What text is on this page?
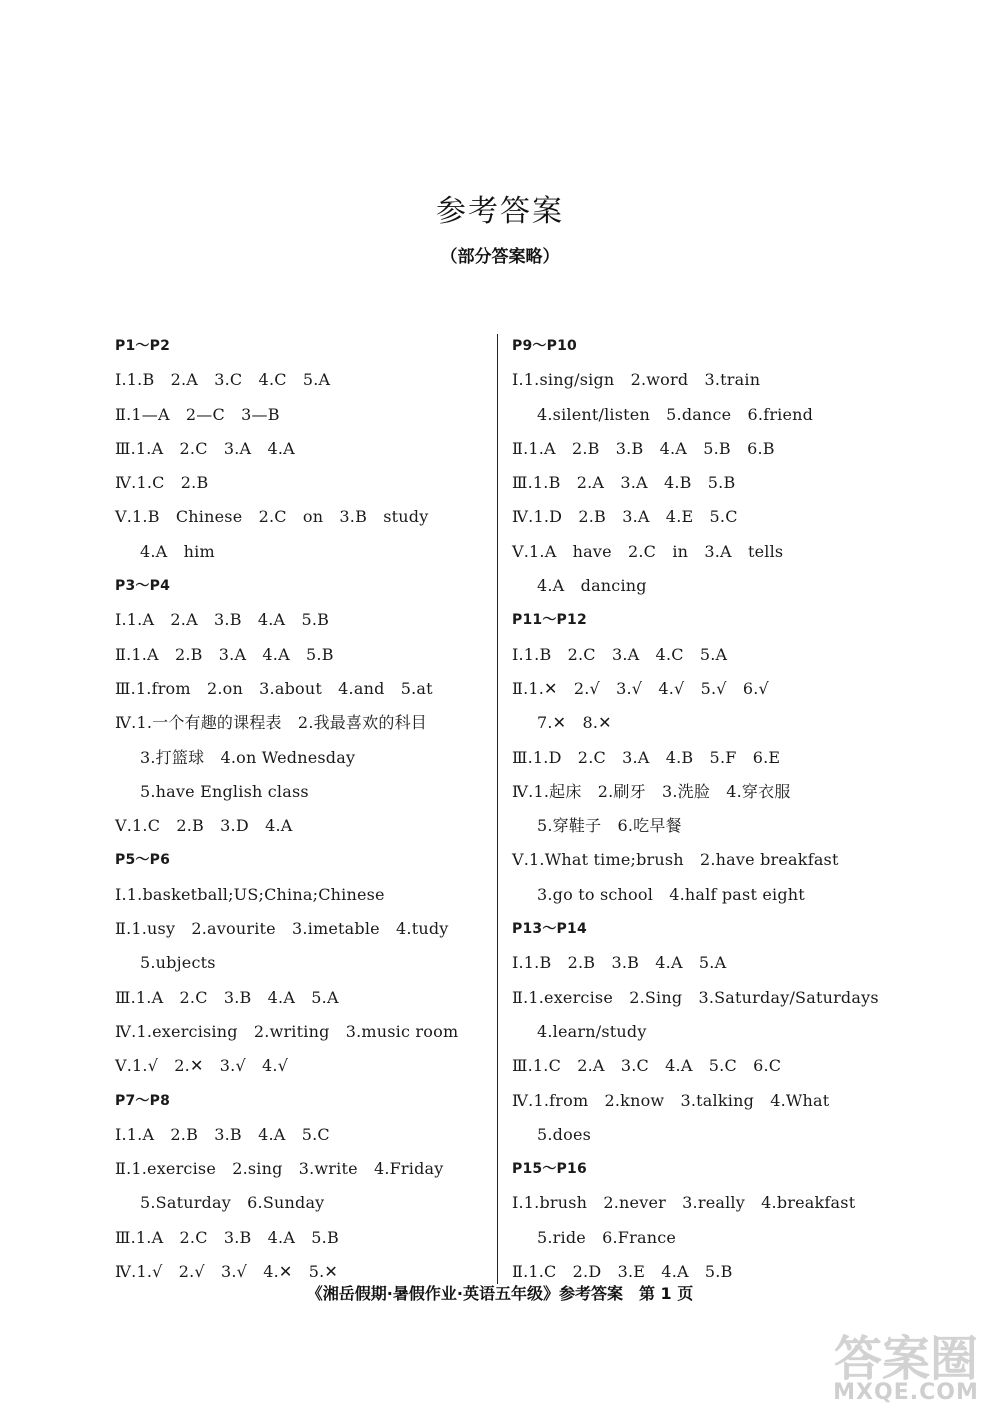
参考答案
（部分答案略）
P1～P2
Ⅰ.1.B　2.A　3.C　4.C　5.A
Ⅱ.1—A　2—C　3—B
Ⅲ.1.A　2.C　3.A　4.A
Ⅳ.1.C　2.B
Ⅴ.1.B　Chinese　2.C　on　3.B　study
4.A　him
P3～P4
Ⅰ.1.A　2.A　3.B　4.A　5.B
Ⅱ.1.A　2.B　3.A　4.A　5.B
Ⅲ.1.from　2.on　3.about　4.and　5.at
Ⅳ.1.一个有趣的课程表　2.我最喜欢的科目
3.打篮球　4.on Wednesday
5.have English class
Ⅴ.1.C　2.B　3.D　4.A
P5～P6
Ⅰ.1.basketball;US;China;Chinese
Ⅱ.1.usy　2.avourite　3.imetable　4.tudy
5.ubjects
Ⅲ.1.A　2.C　3.B　4.A　5.A
Ⅳ.1.exercising　2.writing　3.music room
Ⅴ.1.√　2.✕　3.√　4.√
P7～P8
Ⅰ.1.A　2.B　3.B　4.A　5.C
Ⅱ.1.exercise　2.sing　3.write　4.Friday
5.Saturday　6.Sunday
Ⅲ.1.A　2.C　3.B　4.A　5.B
Ⅳ.1.√　2.√　3.√　4.✕　5.✕
P9～P10
Ⅰ.1.sing/sign　2.word　3.train
4.silent/listen　5.dance　6.friend
Ⅱ.1.A　2.B　3.B　4.A　5.B　6.B
Ⅲ.1.B　2.A　3.A　4.B　5.B
Ⅳ.1.D　2.B　3.A　4.E　5.C
Ⅴ.1.A　have　2.C　in　3.A　tells
4.A　dancing
P11～P12
Ⅰ.1.B　2.C　3.A　4.C　5.A
Ⅱ.1.✕　2.√　3.√　4.√　5.√　6.√
7.✕　8.✕
Ⅲ.1.D　2.C　3.A　4.B　5.F　6.E
Ⅳ.1.起床　2.刷牙　3.洗脸　4.穿衣服
5.穿鞋子　6.吃早餐
Ⅴ.1.What time;brush　2.have breakfast
3.go to school　4.half past eight
P13～P14
Ⅰ.1.B　2.B　3.B　4.A　5.A
Ⅱ.1.exercise　2.Sing　3.Saturday/Saturdays
4.learn/study
Ⅲ.1.C　2.A　3.C　4.A　5.C　6.C
Ⅳ.1.from　2.know　3.talking　4.What
5.does
P15～P16
Ⅰ.1.brush　2.never　3.really　4.breakfast
5.ride　6.France
Ⅱ.1.C　2.D　3.E　4.A　5.B
《湘岳假期·暑假作业·英语五年级》参考答案　第 1 页
答案圈
MXQE.COM
